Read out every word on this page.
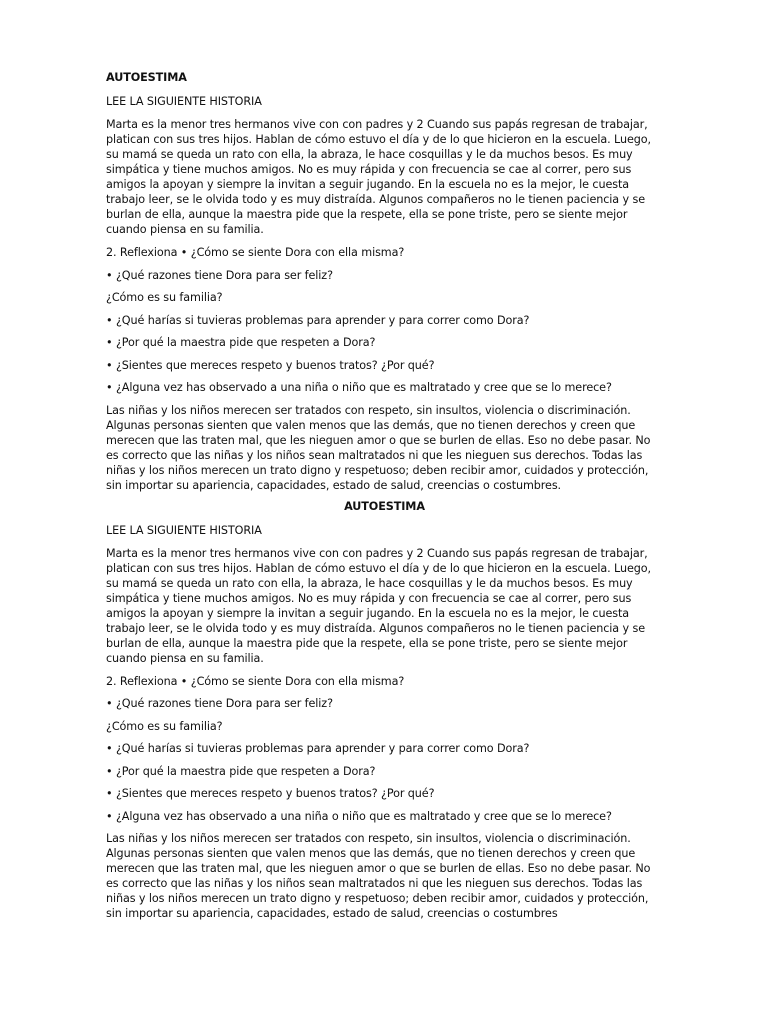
AUTOESTIMA

LEE LA SIGUIENTE HISTORIA

Marta es la menor tres hermanos vive con con padres y 2 Cuando sus papás regresan de trabajar, platican con sus tres hijos. Hablan de cómo estuvo el día y de lo que hicieron en la escuela. Luego, su mamá se queda un rato con ella, la abraza, le hace cosquillas y le da muchos besos. Es muy simpática y tiene muchos amigos. No es muy rápida y con frecuencia se cae al correr, pero sus amigos la apoyan y siempre la invitan a seguir jugando. En la escuela no es la mejor, le cuesta trabajo leer, se le olvida todo y es muy distraída. Algunos compañeros no le tienen paciencia y se burlan de ella, aunque la maestra pide que la respete, ella se pone triste, pero se siente mejor cuando piensa en su familia.

2. Reflexiona • ¿Cómo se siente Dora con ella misma?

• ¿Qué razones tiene Dora para ser feliz?

¿Cómo es su familia?

• ¿Qué harías si tuvieras problemas para aprender y para correr como Dora?

• ¿Por qué la maestra pide que respeten a Dora?

• ¿Sientes que mereces respeto y buenos tratos? ¿Por qué?

• ¿Alguna vez has observado a una niña o niño que es maltratado y cree que se lo merece?

Las niñas y los niños merecen ser tratados con respeto, sin insultos, violencia o discriminación. Algunas personas sienten que valen menos que las demás, que no tienen derechos y creen que merecen que las traten mal, que les nieguen amor o que se burlen de ellas. Eso no debe pasar. No es correcto que las niñas y los niños sean maltratados ni que les nieguen sus derechos. Todas las niñas y los niños merecen un trato digno y respetuoso; deben recibir amor, cuidados y protección, sin importar su apariencia, capacidades, estado de salud, creencias o costumbres.

AUTOESTIMA

LEE LA SIGUIENTE HISTORIA

Marta es la menor tres hermanos vive con con padres y 2 Cuando sus papás regresan de trabajar, platican con sus tres hijos. Hablan de cómo estuvo el día y de lo que hicieron en la escuela. Luego, su mamá se queda un rato con ella, la abraza, le hace cosquillas y le da muchos besos. Es muy simpática y tiene muchos amigos. No es muy rápida y con frecuencia se cae al correr, pero sus amigos la apoyan y siempre la invitan a seguir jugando. En la escuela no es la mejor, le cuesta trabajo leer, se le olvida todo y es muy distraída. Algunos compañeros no le tienen paciencia y se burlan de ella, aunque la maestra pide que la respete, ella se pone triste, pero se siente mejor cuando piensa en su familia.

2. Reflexiona • ¿Cómo se siente Dora con ella misma?

• ¿Qué razones tiene Dora para ser feliz?

¿Cómo es su familia?

• ¿Qué harías si tuvieras problemas para aprender y para correr como Dora?

• ¿Por qué la maestra pide que respeten a Dora?

• ¿Sientes que mereces respeto y buenos tratos? ¿Por qué?

• ¿Alguna vez has observado a una niña o niño que es maltratado y cree que se lo merece?

Las niñas y los niños merecen ser tratados con respeto, sin insultos, violencia o discriminación. Algunas personas sienten que valen menos que las demás, que no tienen derechos y creen que merecen que las traten mal, que les nieguen amor o que se burlen de ellas. Eso no debe pasar. No es correcto que las niñas y los niños sean maltratados ni que les nieguen sus derechos. Todas las niñas y los niños merecen un trato digno y respetuoso; deben recibir amor, cuidados y protección, sin importar su apariencia, capacidades, estado de salud, creencias o costumbres
